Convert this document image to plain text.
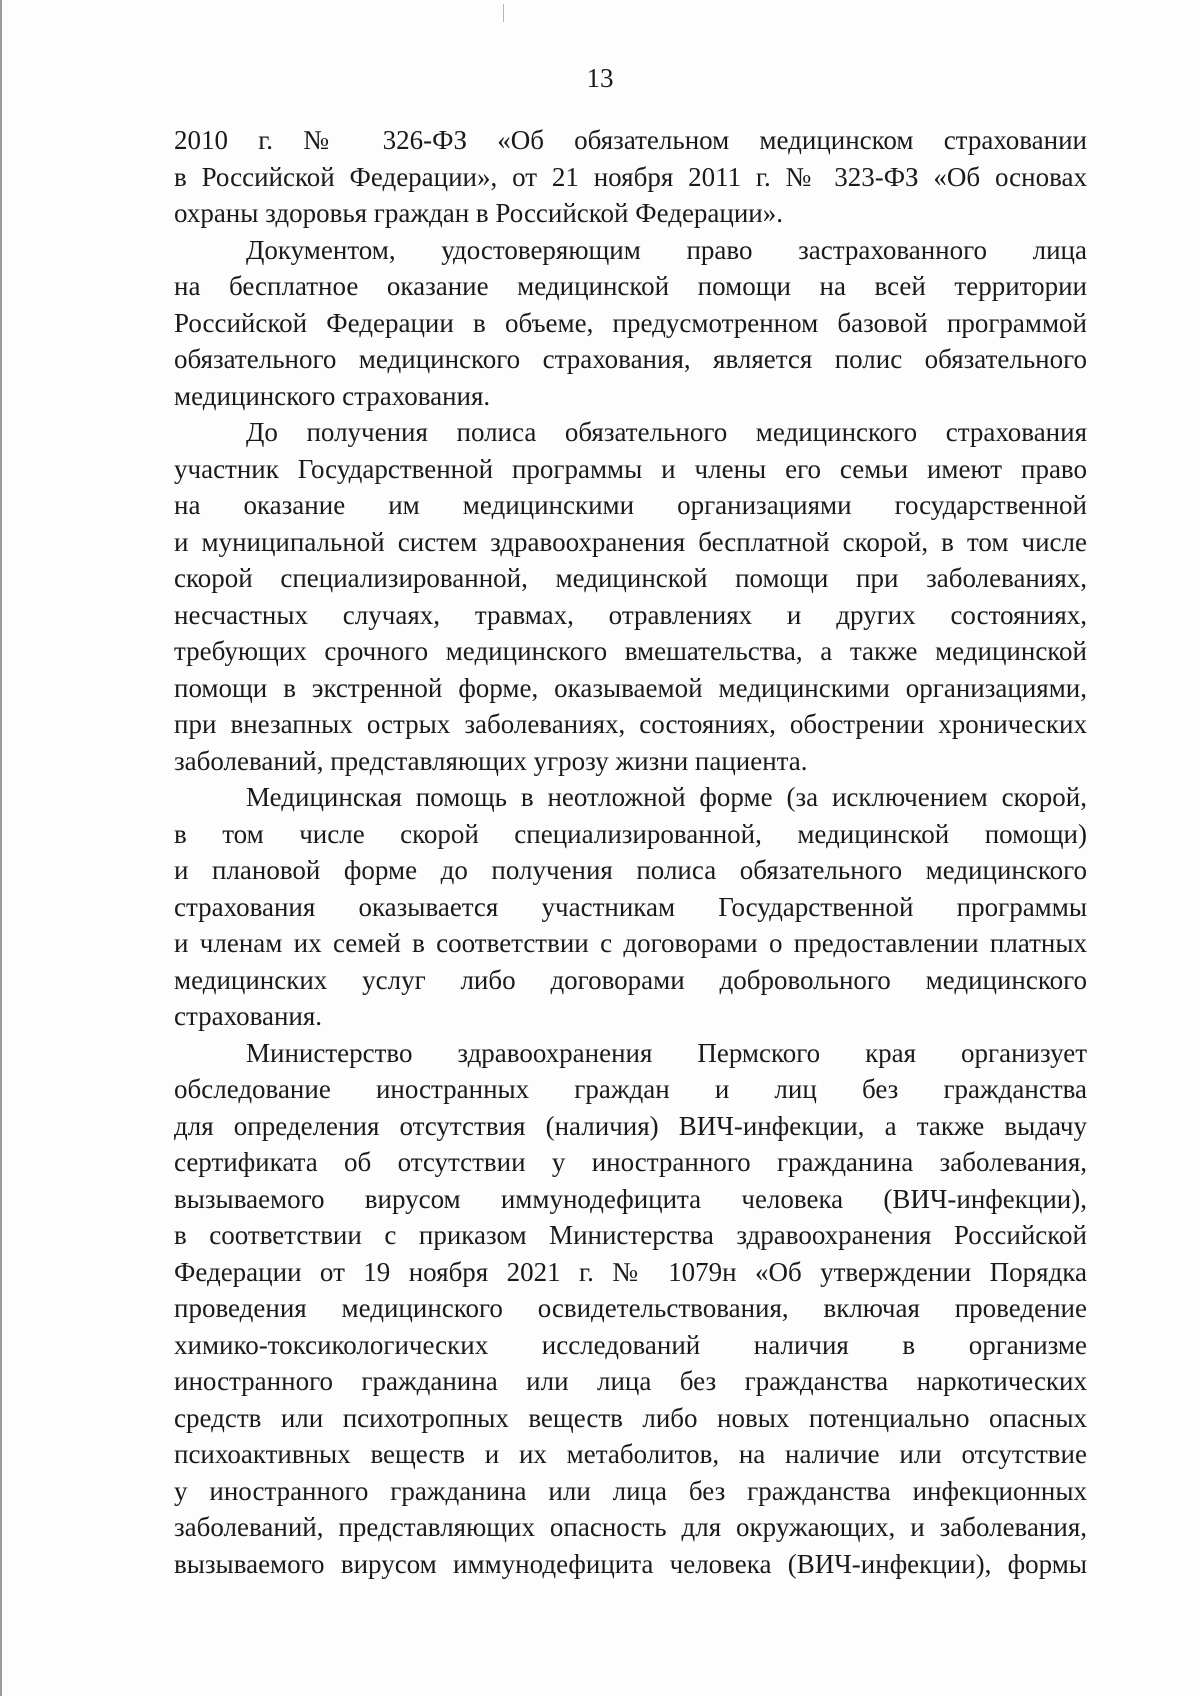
13
2010 г. № 326-ФЗ «Об обязательном медицинском страховании
в Российской Федерации», от 21 ноября 2011 г. № 323-ФЗ «Об основах
охраны здоровья граждан в Российской Федерации».
Документом, удостоверяющим право застрахованного лица
на бесплатное оказание медицинской помощи на всей территории
Российской Федерации в объеме, предусмотренном базовой программой
обязательного медицинского страхования, является полис обязательного
медицинского страхования.
До получения полиса обязательного медицинского страхования
участник Государственной программы и члены его семьи имеют право
на оказание им медицинскими организациями государственной
и муниципальной систем здравоохранения бесплатной скорой, в том числе
скорой специализированной, медицинской помощи при заболеваниях,
несчастных случаях, травмах, отравлениях и других состояниях,
требующих срочного медицинского вмешательства, а также медицинской
помощи в экстренной форме, оказываемой медицинскими организациями,
при внезапных острых заболеваниях, состояниях, обострении хронических
заболеваний, представляющих угрозу жизни пациента.
Медицинская помощь в неотложной форме (за исключением скорой,
в том числе скорой специализированной, медицинской помощи)
и плановой форме до получения полиса обязательного медицинского
страхования оказывается участникам Государственной программы
и членам их семей в соответствии с договорами о предоставлении платных
медицинских услуг либо договорами добровольного медицинского
страхования.
Министерство здравоохранения Пермского края организует
обследование иностранных граждан и лиц без гражданства
для определения отсутствия (наличия) ВИЧ-инфекции, а также выдачу
сертификата об отсутствии у иностранного гражданина заболевания,
вызываемого вирусом иммунодефицита человека (ВИЧ-инфекции),
в соответствии с приказом Министерства здравоохранения Российской
Федерации от 19 ноября 2021 г. № 1079н «Об утверждении Порядка
проведения медицинского освидетельствования, включая проведение
химико-токсикологических исследований наличия в организме
иностранного гражданина или лица без гражданства наркотических
средств или психотропных веществ либо новых потенциально опасных
психоактивных веществ и их метаболитов, на наличие или отсутствие
у иностранного гражданина или лица без гражданства инфекционных
заболеваний, представляющих опасность для окружающих, и заболевания,
вызываемого вирусом иммунодефицита человека (ВИЧ-инфекции), формы
